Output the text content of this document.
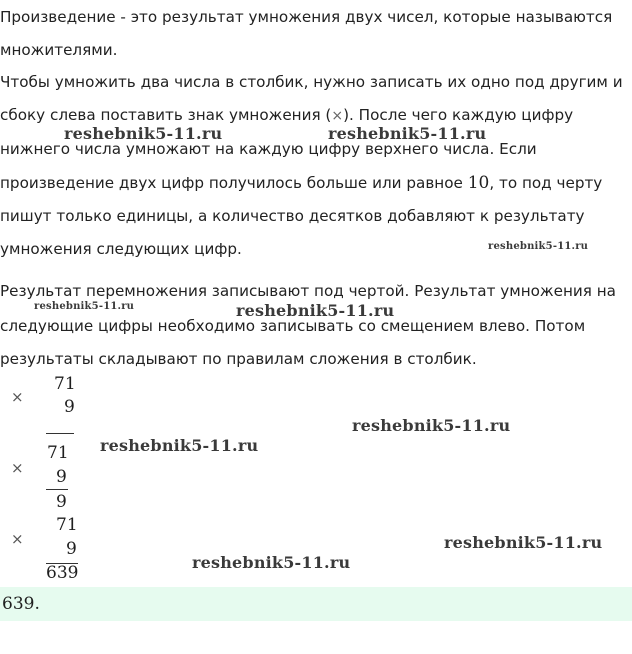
Произведение - это результат умножения двух чисел, которые называются
множителями.
Чтобы умножить два числа в столбик, нужно записать их одно под другим и
сбоку слева поставить знак умножения (×). После чего каждую цифру
нижнего числа умножают на каждую цифру верхнего числа. Если
произведение двух цифр получилось больше или равное 10, то под черту
пишут только единицы, а количество десятков добавляют к результату
умножения следующих цифр.
Результат перемножения записывают под чертой. Результат умножения на
следующие цифры необходимо записывать со смещением влево. Потом
результаты складывают по правилам сложения в столбик.
reshebnik5-11.ru	reshebnik5-11.ru
reshebnik5-11.ru
reshebnik5-11.ru	reshebnik5-11.ru
reshebnik5-11.ru
reshebnik5-11.ru
reshebnik5-11.ru
reshebnik5-11.ru
×
71
9
71
× 9
9
×
71
9
639
639.
